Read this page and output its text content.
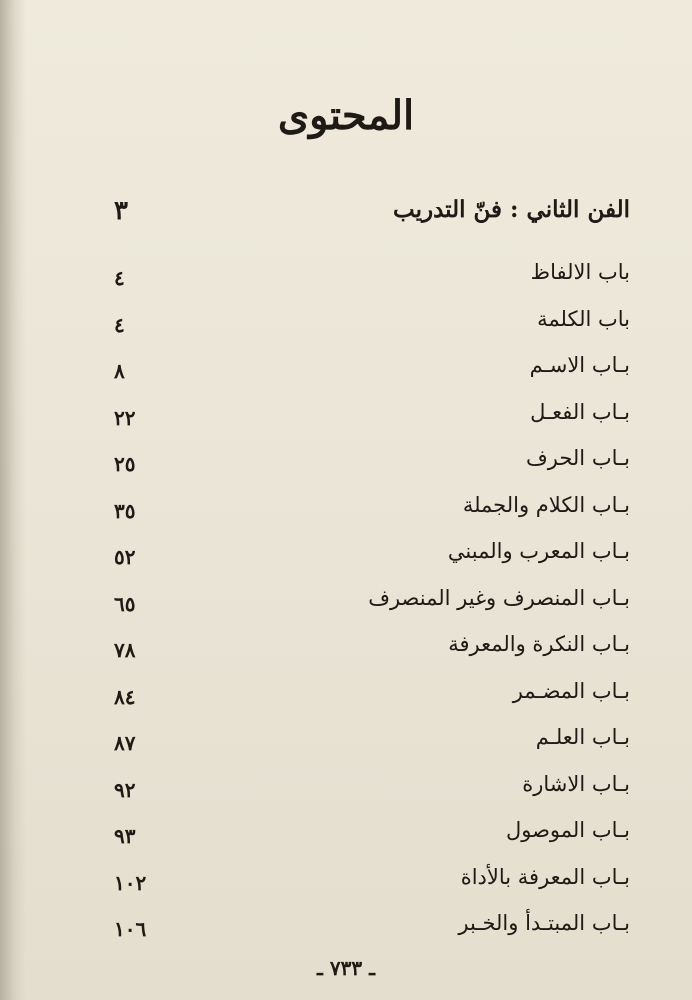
المحتوى
الفن الثاني : فنّ التدريب
٣
باب الالفاظ
٤
باب الكلمة
٤
بـاب الاسـم
٨
بـاب الفعـل
٢٢
بـاب الحرف
٢٥
بـاب الكلام والجملة
٣٥
بـاب المعرب والمبني
٥٢
بـاب المنصرف وغير المنصرف
٦٥
بـاب النكرة والمعرفة
٧٨
بـاب المضـمر
٨٤
بـاب العلـم
٨٧
بـاب الاشارة
٩٢
بـاب الموصول
٩٣
بـاب المعرفة بالأداة
١٠٢
بـاب المبتـدأ والخـبر
١٠٦
ـ ٧٣٣ ـ
